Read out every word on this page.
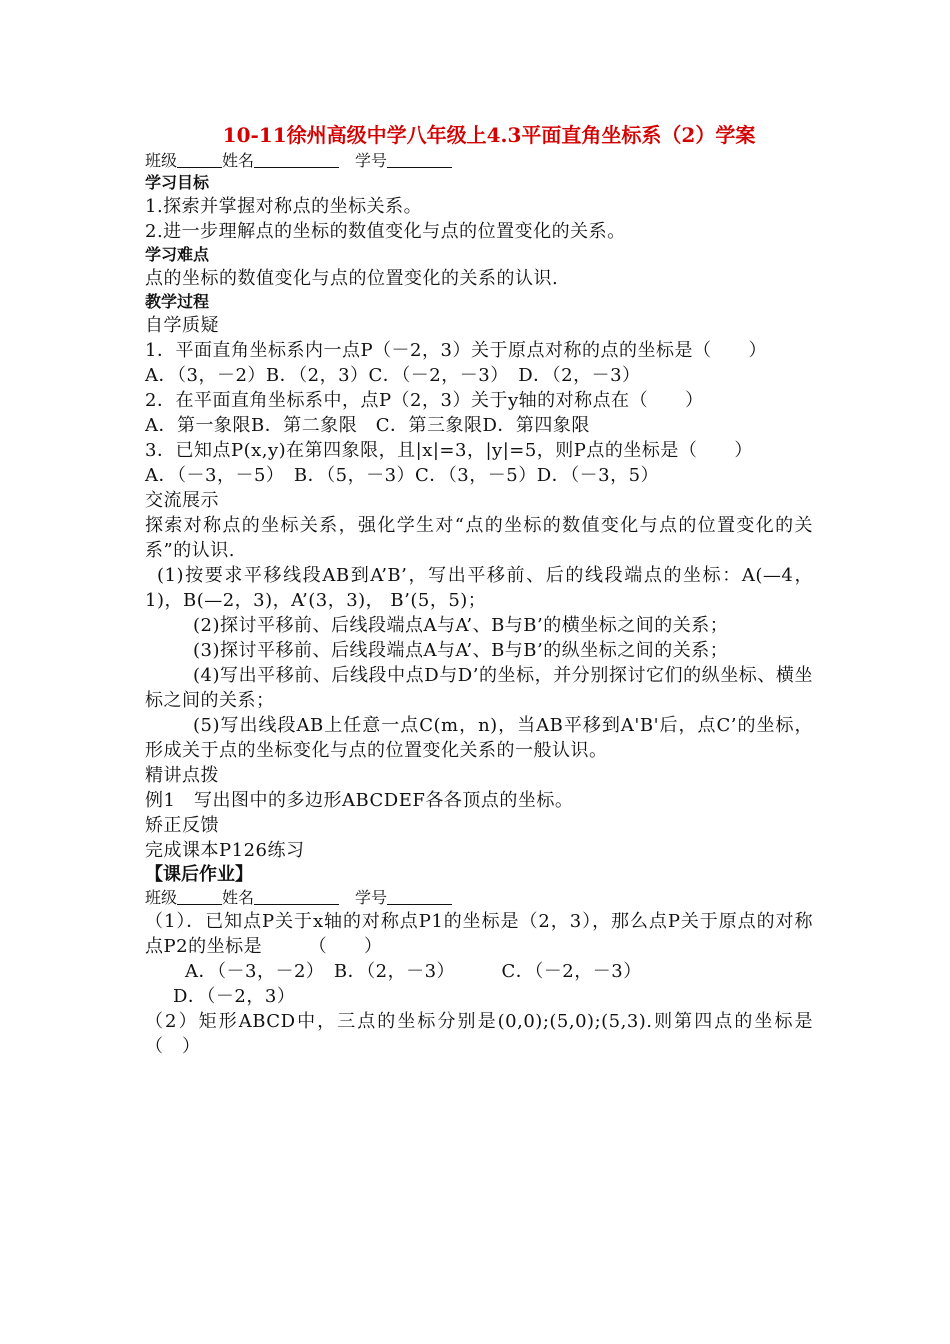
10-11徐州高级中学八年级上4.3平面直角坐标系（2）学案
班级	姓名　	学号
学习目标
1.探索并掌握对称点的坐标关系。
2.进一步理解点的坐标的数值变化与点的位置变化的关系。
学习难点
点的坐标的数值变化与点的位置变化的关系的认识.
教学过程
自学质疑
1．平面直角坐标系内一点P（－2，3）关于原点对称的点的坐标是（　　）
A．（3，－2）B．（2，3）C．（－2，－3）　D．（2，－3）
2．在平面直角坐标系中，点P（2，3）关于y轴的对称点在（　　）
A．第一象限B．第二象限　C．第三象限D．第四象限
3．已知点P(x,y)在第四象限，且|x|=3，|y|=5，则P点的坐标是（　　）
A．（－3，－5）　B．（5，－3）C．（3，－5）D．（－3，5）
交流展示
探索对称点的坐标关系，强化学生对“点的坐标的数值变化与点的位置变化的关系”的认识.
(1)按要求平移线段AB到A’B’，写出平移前、后的线段端点的坐标：A(—4，1)，B(—2，3)，A’(3，3)， B’(5，5)；
(2)探讨平移前、后线段端点A与A’、B与B’的横坐标之间的关系；
(3)探讨平移前、后线段端点A与A’、B与B’的纵坐标之间的关系；
(4)写出平移前、后线段中点D与D’的坐标，并分别探讨它们的纵坐标、横坐标之间的关系；
(5)写出线段AB上任意一点C(m，n)，当AB平移到A'B'后，点C’的坐标，形成关于点的坐标变化与点的位置变化关系的一般认识。
精讲点拨
例1　写出图中的多边形ABCDEF各各顶点的坐标。
矫正反馈
完成课本P126练习
【课后作业】
班级	姓名　	学号
（1）．已知点P关于x轴的对称点P1的坐标是（2，3），那么点P关于原点的对称点P2的坐标是　　　（　　）
A．（－3，－2）　B．（2，－3）　　　C．（－2，－3）
D．（－2，3）
（2）矩形ABCD中，三点的坐标分别是(0,0);(5,0);(5,3).则第四点的坐标是（　）
